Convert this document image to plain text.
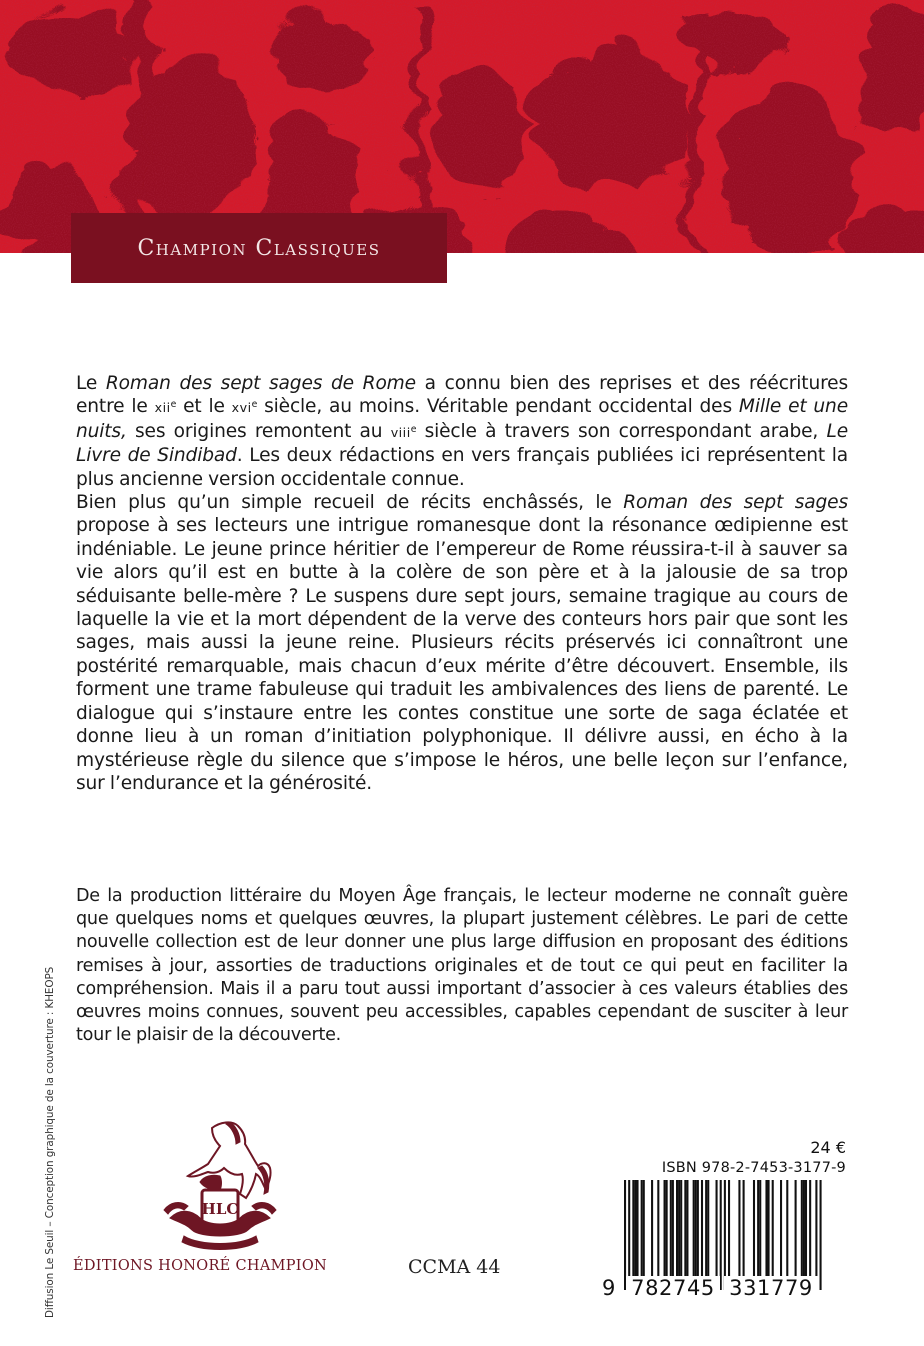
Champion Classiques

Le Roman des sept sages de Rome a connu bien des reprises et des réécritures entre le xii$^e$ et le xvi$^e$ siècle, au moins. Véritable pendant occidental des Mille et une nuits, ses origines remontent au viii$^e$ siècle à travers son correspondant arabe, Le Livre de Sindibad. Les deux rédactions en vers français publiées ici représentent la plus ancienne version occidentale connue.

Bien plus qu’un simple recueil de récits enchâssés, le Roman des sept sages propose à ses lecteurs une intrigue romanesque dont la résonance œdipienne est indéniable. Le jeune prince héritier de l’empereur de Rome réussira-t-il à sauver sa vie alors qu’il est en butte à la colère de son père et à la jalousie de sa trop séduisante belle-mère ? Le suspens dure sept jours, semaine tragique au cours de laquelle la vie et la mort dépendent de la verve des conteurs hors pair que sont les sages, mais aussi la jeune reine. Plusieurs récits préservés ici connaîtront une postérité remarquable, mais chacun d’eux mérite d’être découvert. Ensemble, ils forment une trame fabuleuse qui traduit les ambivalences des liens de parenté. Le dialogue qui s’instaure entre les contes constitue une sorte de saga éclatée et donne lieu à un roman d’initiation polyphonique. Il délivre aussi, en écho à la mystérieuse règle du silence que s’impose le héros, une belle leçon sur l’enfance, sur l’endurance et la générosité.

De la production littéraire du Moyen Âge français, le lecteur moderne ne connaît guère que quelques noms et quelques œuvres, la plupart justement célèbres. Le pari de cette nouvelle collection est de leur donner une plus large diffusion en proposant des éditions remises à jour, assorties de traductions originales et de tout ce qui peut en faciliter la compréhension. Mais il a paru tout aussi important d’associer à ces valeurs établies des œuvres moins connues, souvent peu accessibles, capables cependant de susciter à leur tour le plaisir de la découverte.

Diffusion Le Seuil – Conception graphique de la couverture : KHEOPS	HLC
ÉDITIONS HONORÉ CHAMPION	CCMA 44
24 €
ISBN 978-2-7453-3177-9
9 782745 331779
